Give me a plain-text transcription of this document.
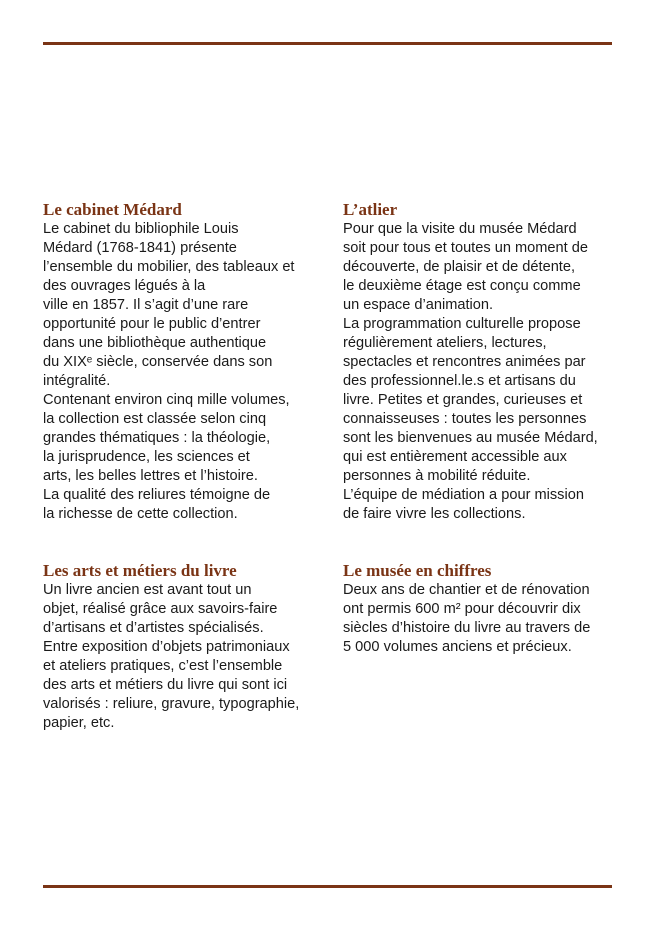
Le cabinet Médard
Le cabinet du bibliophile Louis
Médard (1768-1841) présente
l’ensemble du mobilier, des tableaux et
des ouvrages légués à la
ville en 1857. Il s’agit d’une rare
opportunité pour le public d’entrer
dans une bibliothèque authentique
du XIXᵉ siècle, conservée dans son
intégralité.
Contenant environ cinq mille volumes,
la collection est classée selon cinq
grandes thématiques : la théologie,
la jurisprudence, les sciences et
arts, les belles lettres et l’histoire.
La qualité des reliures témoigne de
la richesse de cette collection.
L’atlier
Pour que la visite du musée Médard
soit pour tous et toutes un moment de
découverte, de plaisir et de détente,
le deuxième étage est conçu comme
un espace d’animation.
La programmation culturelle propose
régulièrement ateliers, lectures,
spectacles et rencontres animées par
des professionnel.le.s et artisans du
livre. Petites et grandes, curieuses et
connaisseuses : toutes les personnes
sont les bienvenues au musée Médard,
qui est entièrement accessible aux
personnes à mobilité réduite.
L’équipe de médiation a pour mission
de faire vivre les collections.
Les arts et métiers du livre
Un livre ancien est avant tout un
objet, réalisé grâce aux savoirs-faire
d’artisans et d’artistes spécialisés.
Entre exposition d’objets patrimoniaux
et ateliers pratiques, c’est l’ensemble
des arts et métiers du livre qui sont ici
valorisés : reliure, gravure, typographie,
papier, etc.
Le musée en chiffres
Deux ans de chantier et de rénovation
ont permis 600 m² pour découvrir dix
siècles d’histoire du livre au travers de
5 000 volumes anciens et précieux.
